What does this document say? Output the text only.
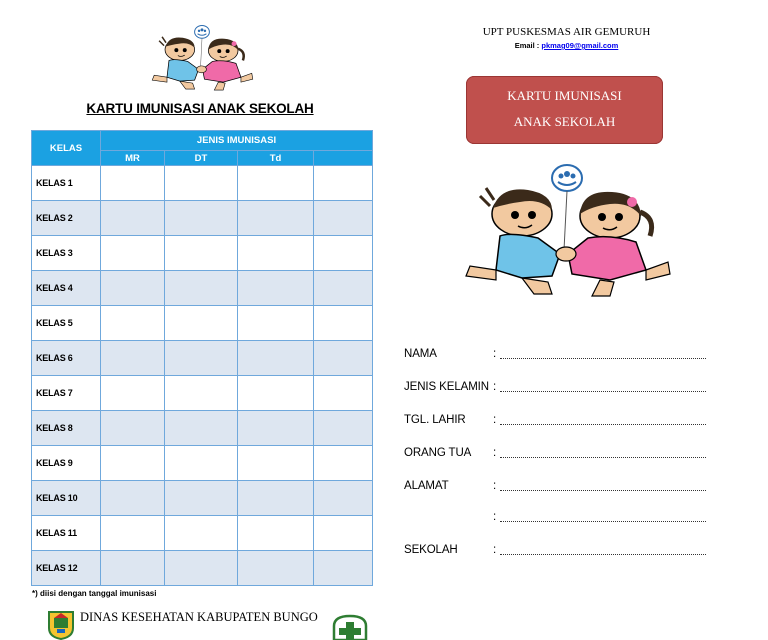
KARTU IMUNISASI ANAK SEKOLAH
KELAS	JENIS IMUNISASI			
	MR	DT	Td	
KELAS 1				
KELAS 2				
KELAS 3				
KELAS 4				
KELAS 5				
KELAS 6				
KELAS 7				
KELAS 8				
KELAS 9				
KELAS 10				
KELAS 11				
KELAS 12				
*) diisi dengan tanggal imunisasi
DINAS KESEHATAN KABUPATEN BUNGO
UPT PUSKESMAS AIR GEMURUH
Email : pkmag09@gmail.com
KARTU IMUNISASI
ANAK SEKOLAH
NAMA	:
JENIS KELAMIN :
TGL. LAHIR :
ORANG TUA :
ALAMAT	:
:
SEKOLAH	:
